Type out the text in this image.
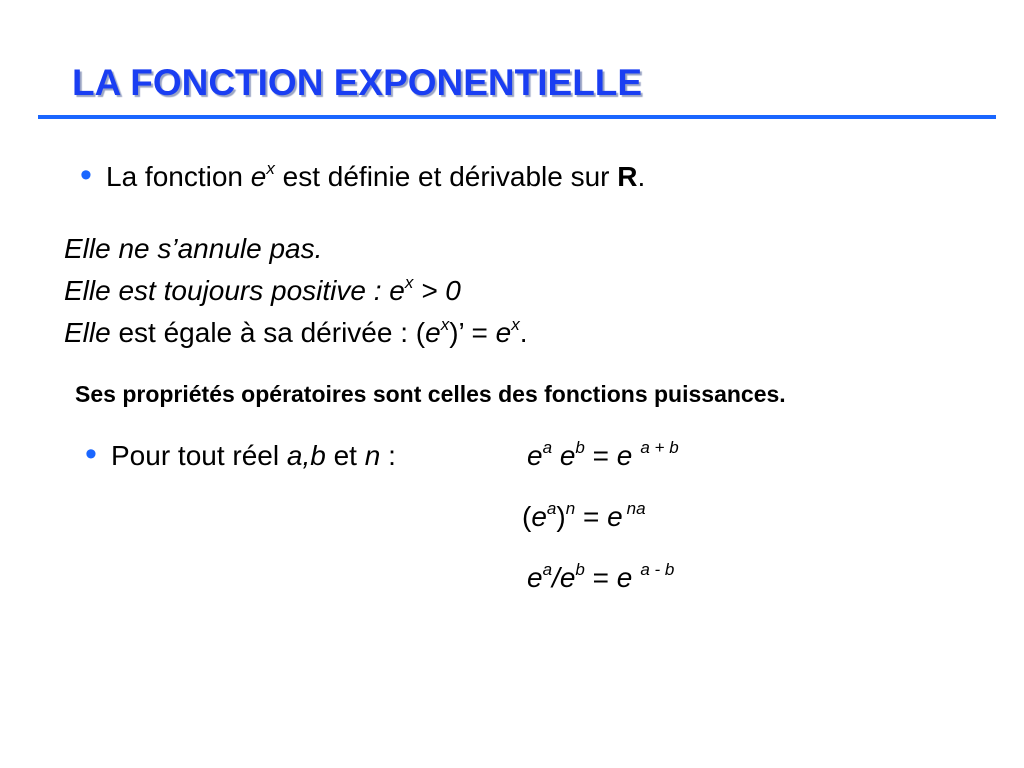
LA FONCTION EXPONENTIELLE
• La fonction $e^x$ est définie et dérivable sur R.
Elle ne s’annule pas.
Elle est toujours positive : $e^x > 0$
Elle est égale à sa dérivée : $(e^x)$’ = $e^x$.
Ses propriétés opératoires sont celles des fonctions puissances.
• Pour tout réel a,b et n :	$e^a$ $e^b = e$ $^{a + b}$
$(e^a)^n = e$ $^{na}$
$e^a/e^b = e$ $^{a - b}$
